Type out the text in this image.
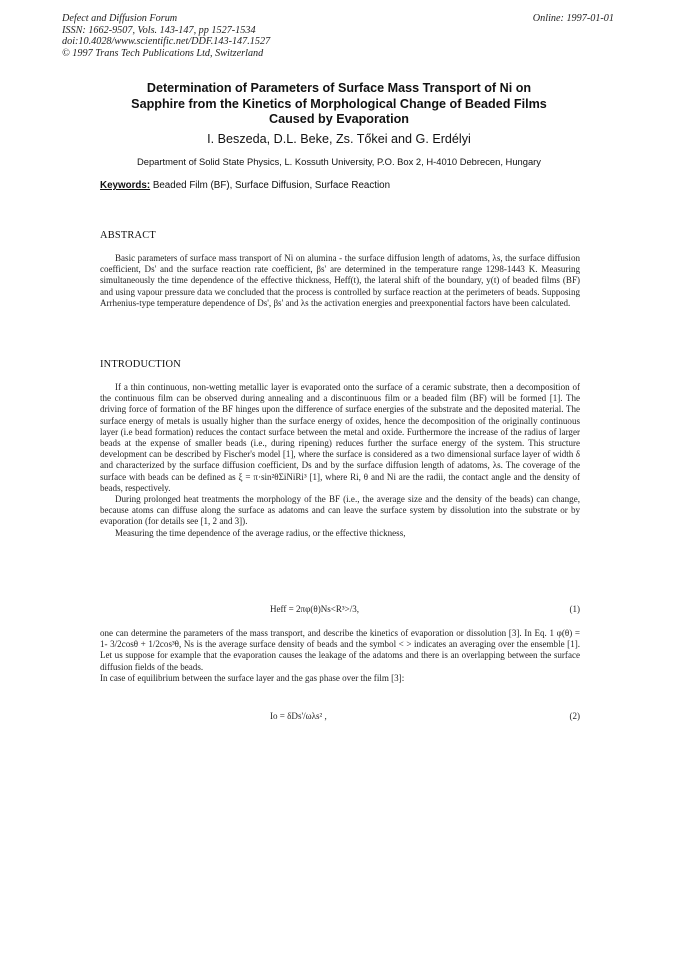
Defect and Diffusion Forum
ISSN: 1662-9507, Vols. 143-147, pp 1527-1534
doi:10.4028/www.scientific.net/DDF.143-147.1527
© 1997 Trans Tech Publications Ltd, Switzerland
Online: 1997-01-01
Determination of Parameters of Surface Mass Transport of Ni on
Sapphire from the Kinetics of Morphological Change of Beaded Films
Caused by Evaporation
I. Beszeda, D.L. Beke, Zs. Tőkei and G. Erdélyi
Department of Solid State Physics, L. Kossuth University, P.O. Box 2, H-4010 Debrecen, Hungary
Keywords: Beaded Film (BF), Surface Diffusion, Surface Reaction
ABSTRACT

Basic parameters of surface mass transport of Ni on alumina - the surface diffusion length of adatoms, λs, the surface diffusion coefficient, Ds' and the surface reaction rate coefficient, βs' are determined in the temperature range 1298-1443 K. Measuring simultaneously the time dependence of the effective thickness, Heff(t), the lateral shift of the boundary, y(t) of beaded films (BF) and using vapour pressure data we concluded that the process is controlled by surface reaction at the perimeters of beads. Supposing Arrhenius-type temperature dependence of Ds', βs' and λs the activation energies and preexponential factors have been calculated.

INTRODUCTION

If a thin continuous, non-wetting metallic layer is evaporated onto the surface of a ceramic substrate, then a decomposition of the continuous film can be observed during annealing and a discontinuous film or a beaded film (BF) will be formed [1]. The driving force of formation of the BF hinges upon the difference of surface energies of the substrate and the deposited material. The surface energy of metals is usually higher than the surface energy of oxides, hence the decomposition of the originally continuous layer (i.e bead formation) reduces the contact surface between the metal and oxide. Furthermore the increase of the radius of larger beads at the expense of smaller beads (i.e., during ripening) reduces further the surface energy of the system. This structure development can be described by Fischer's model [1], where the surface is considered as a two dimensional surface layer of width δ and characterized by the surface diffusion coefficient, Ds and by the surface diffusion length of adatoms, λs. The coverage of the surface with beads can be defined as ξ = π·sin²θΣiNiRi³ [1], where Ri, θ and Ni are the radii, the contact angle and the density of beads, respectively.

During prolonged heat treatments the morphology of the BF (i.e., the average size and the density of the beads) can change, because atoms can diffuse along the surface as adatoms and can leave the surface system by dissolution into the substrate or by evaporation (for details see [1, 2 and 3]).

Measuring the time dependence of the average radius, or the effective thickness,

Heff = 2πφ(θ)Ns<R³>/3,	(1)

one can determine the parameters of the mass transport, and describe the kinetics of evaporation or dissolution [3]. In Eq. 1 φ(θ) = 1- 3/2cosθ + 1/2cos³θ, Ns is the average surface density of beads and the symbol < > indicates an averaging over the ensemble [1]. Let us suppose for example that the evaporation causes the leakage of the adatoms and there is an overlapping between the surface diffusion fields of the beads.

In case of equilibrium between the surface layer and the gas phase over the film [3]:

Io = δDs'/ωλs² ,	(2)
